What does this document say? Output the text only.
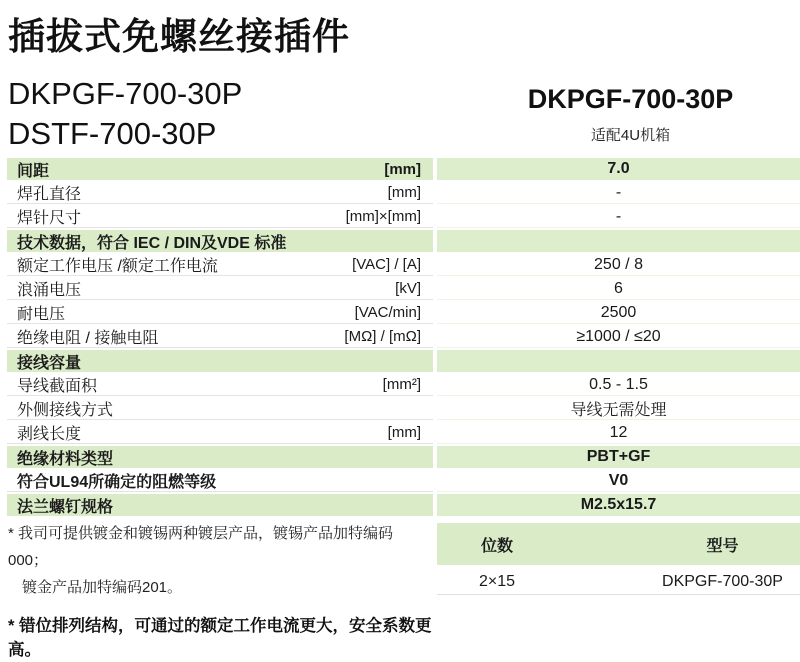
插拔式免螺丝接插件
DKPGF-700-30P
DSTF-700-30P
DKPGF-700-30P
适配4U机箱
间距	[mm]	7.0
焊孔直径	[mm]	-
焊针尺寸	[mm]×[mm]	-
技术数据，符合 IEC / DIN及VDE 标准
额定工作电压 /额定工作电流	[VAC] / [A]	250 / 8
浪涌电压	[kV]	6
耐电压	[VAC/min]	2500
绝缘电阻 / 接触电阻	[MΩ] / [mΩ]	≥1000 / ≤20
接线容量
导线截面积	[mm²]	0.5 - 1.5
外侧接线方式	导线无需处理
剥线长度	[mm]	12
绝缘材料类型	PBT+GF
符合UL94所确定的阻燃等级	V0
法兰螺钉规格	M2.5x15.7
* 我司可提供镀金和镀锡两种镀层产品，镀锡产品加特编码000；
镀金产品加特编码201。
* 错位排列结构，可通过的额定工作电流更大，安全系数更高。
位数	型号
2×15	DKPGF-700-30P
